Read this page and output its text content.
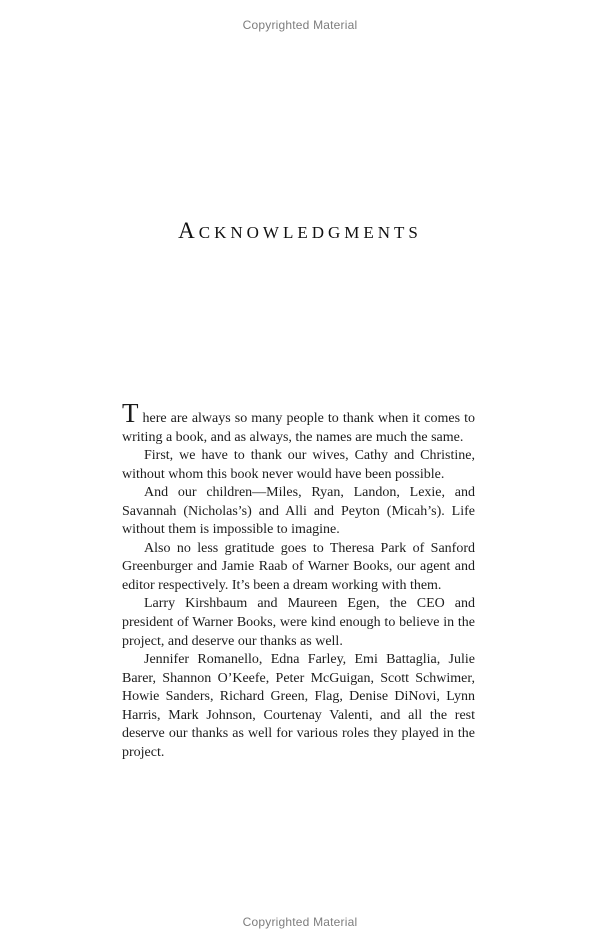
Copyrighted Material
ACKNOWLEDGMENTS

There are always so many people to thank when it comes to writing a book, and as always, the names are much the same.

First, we have to thank our wives, Cathy and Christine, without whom this book never would have been possible.

And our children—Miles, Ryan, Landon, Lexie, and Savannah (Nicholas’s) and Alli and Peyton (Micah’s). Life without them is impossible to imagine.

Also no less gratitude goes to Theresa Park of Sanford Greenburger and Jamie Raab of Warner Books, our agent and editor respectively. It’s been a dream working with them.

Larry Kirshbaum and Maureen Egen, the CEO and president of Warner Books, were kind enough to believe in the project, and deserve our thanks as well.

Jennifer Romanello, Edna Farley, Emi Battaglia, Julie Barer, Shannon O’Keefe, Peter McGuigan, Scott Schwimer, Howie Sanders, Richard Green, Flag, Denise DiNovi, Lynn Harris, Mark Johnson, Courtenay Valenti, and all the rest deserve our thanks as well for various roles they played in the project.

Copyrighted Material
